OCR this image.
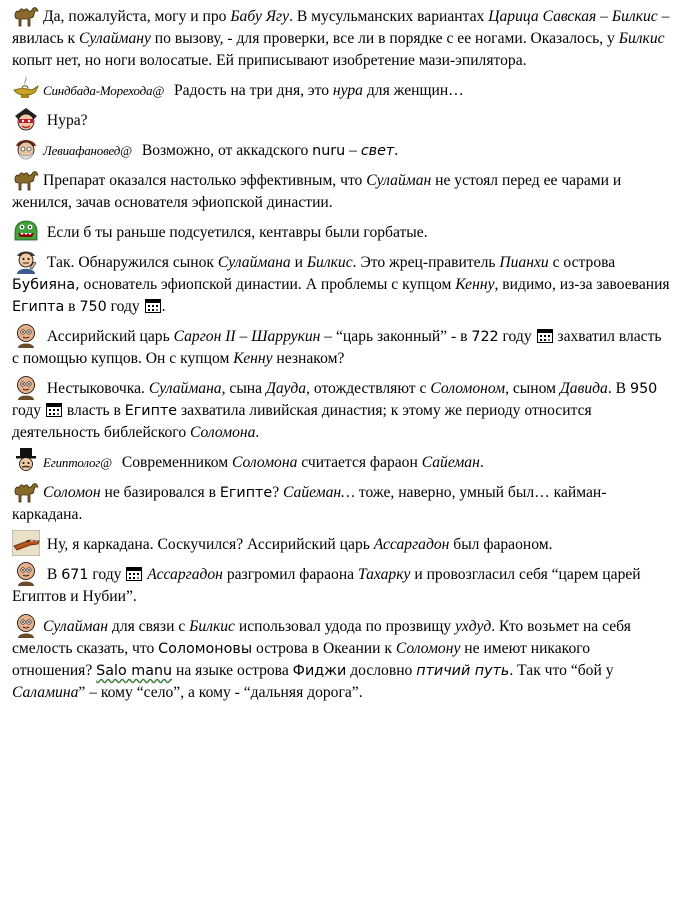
Да, пожалуйста, могу и про Бабу Ягу. В мусульманских вариантах Царица Савская – Билкис – явилась к Сулайману по вызову, - для проверки, все ли в порядке с ее ногами. Оказалось, у Билкис копыт нет, но ноги волосатые. Ей приписывают изобретение мази-эпилятора.
Синдбада-Морехода@ Радость на три дня, это нура для женщин…
Нура?
Левиафановед@ Возможно, от аккадского nuru – свет.
Препарат оказался настолько эффективным, что Сулайман не устоял перед ее чарами и женился, зачав основателя эфиопской династии.
Если б ты раньше подсуетился, кентавры были горбатые.
Так. Обнаружился сынок Сулаймана и Билкис. Это жрец-правитель Пианхи с острова Бубияна, основатель эфиопской династии. А проблемы с купцом Кенну, видимо, из-за завоевания Египта в 750 году
.
Ассирийский царь Саргон II – Шаррукин – “царь законный” - в 722 году
захватил власть с помощью купцов. Он с купцом Кенну незнаком?
Нестыковочка. Сулаймана, сына Дауда, отождествляют с Соломоном, сыном Давида. В 950 году
власть в Египте захватила ливийская династия; к этому же периоду относится деятельность библейского Соломона.
Египтолог@ Современником Соломона считается фараон Сайеман.
Соломон не базировался в Египте? Сайеман… тоже, наверно, умный был… кайман-каркадана.
Ну, я каркадана. Соскучился? Ассирийский царь Ассаргадон был фараоном.
В 671 году
Ассаргадон разгромил фараона Тахарку и провозгласил себя “царем царей Египтов и Нубии”.
Сулайман для связи с Билкис использовал удода по прозвищу ухдуд. Кто возьмет на себя смелость сказать, что Соломоновы острова в Океании к Соломону не имеют никакого отношения? Salo manu на языке острова Фиджи дословно птичий путь. Так что “бой у Саламина” – кому “село”, а кому - “дальняя дорога”.
